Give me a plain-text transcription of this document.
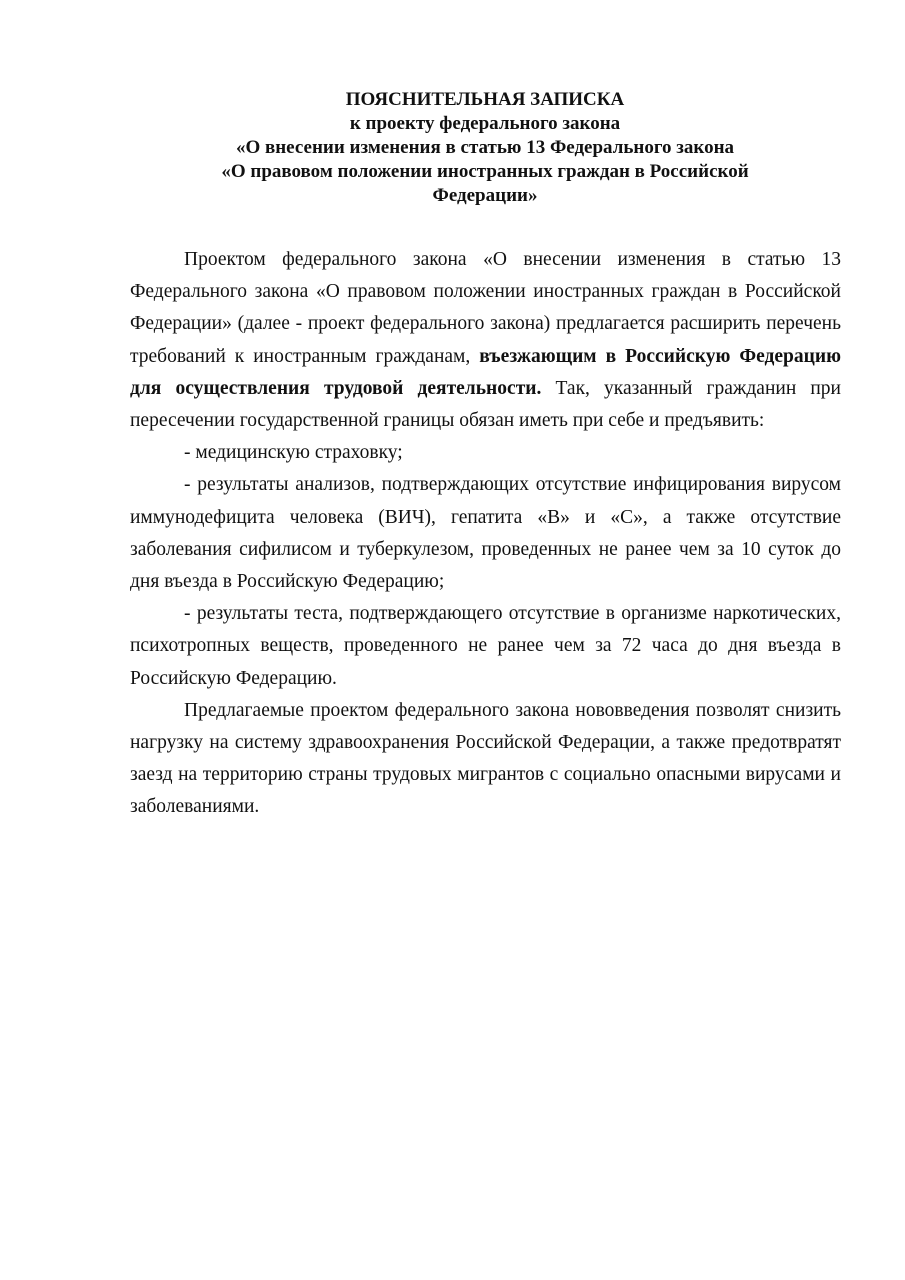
ПОЯСНИТЕЛЬНАЯ ЗАПИСКА
к проекту федерального закона
«О внесении изменения в статью 13 Федерального закона
«О правовом положении иностранных граждан в Российской
Федерации»

Проектом федерального закона «О внесении изменения в статью 13 Федерального закона «О правовом положении иностранных граждан в Российской Федерации» (далее - проект федерального закона) предлагается расширить перечень требований к иностранным гражданам, въезжающим в Российскую Федерацию для осуществления трудовой деятельности. Так, указанный гражданин при пересечении государственной границы обязан иметь при себе и предъявить:

- медицинскую страховку;

- результаты анализов, подтверждающих отсутствие инфицирования вирусом иммунодефицита человека (ВИЧ), гепатита «В» и «С», а также отсутствие заболевания сифилисом и туберкулезом, проведенных не ранее чем за 10 суток до дня въезда в Российскую Федерацию;

- результаты теста, подтверждающего отсутствие в организме наркотических, психотропных веществ, проведенного не ранее чем за 72 часа до дня въезда в Российскую Федерацию.

Предлагаемые проектом федерального закона нововведения позволят снизить нагрузку на систему здравоохранения Российской Федерации, а также предотвратят заезд на территорию страны трудовых мигрантов с социально опасными вирусами и заболеваниями.
